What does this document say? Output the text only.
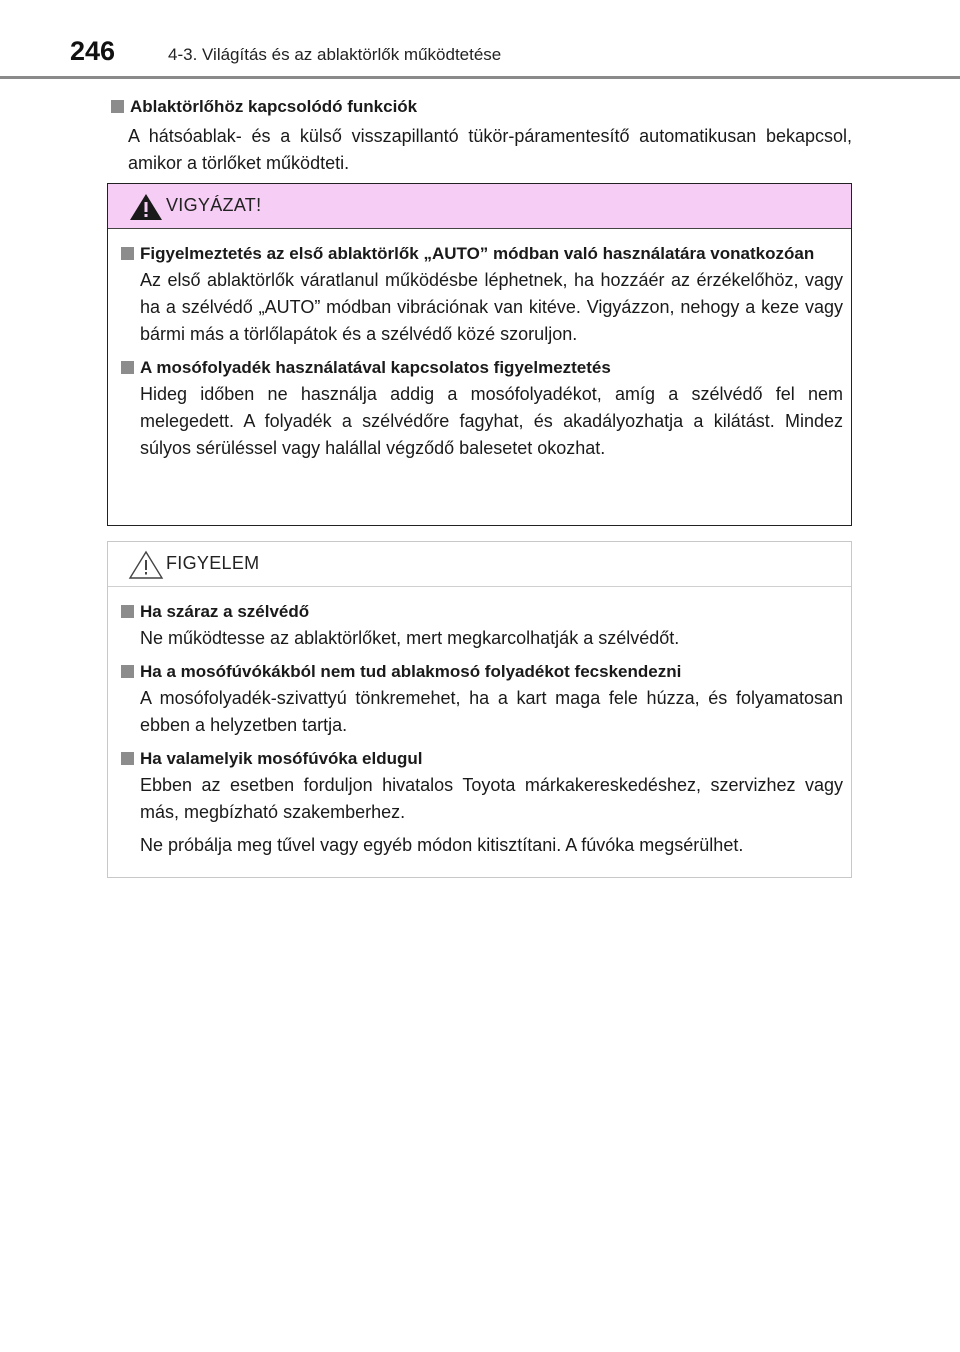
246	4-3. Világítás és az ablaktörlők működtetése
Ablaktörlőhöz kapcsolódó funkciók
A hátsóablak- és a külső visszapillantó tükör-páramentesítő automatikusan bekapcsol, amikor a törlőket működteti.
VIGYÁZAT!
Figyelmeztetés az első ablaktörlők „AUTO” módban való használatára vonatkozóan
Az első ablaktörlők váratlanul működésbe léphetnek, ha hozzáér az érzékelőhöz, vagy ha a szélvédő „AUTO” módban vibrációnak van kitéve. Vigyázzon, nehogy a keze vagy bármi más a törlőlapátok és a szélvédő közé szoruljon.
A mosófolyadék használatával kapcsolatos figyelmeztetés
Hideg időben ne használja addig a mosófolyadékot, amíg a szélvédő fel nem melegedett. A folyadék a szélvédőre fagyhat, és akadályozhatja a kilátást. Mindez súlyos sérüléssel vagy halállal végződő balesetet okozhat.
FIGYELEM
Ha száraz a szélvédő
Ne működtesse az ablaktörlőket, mert megkarcolhatják a szélvédőt.
Ha a mosófúvókákból nem tud ablakmosó folyadékot fecskendezni
A mosófolyadék-szivattyú tönkremehet, ha a kart maga fele húzza, és folyamatosan ebben a helyzetben tartja.
Ha valamelyik mosófúvóka eldugul
Ebben az esetben forduljon hivatalos Toyota márkakereskedéshez, szervizhez vagy más, megbízható szakemberhez.
Ne próbálja meg tűvel vagy egyéb módon kitisztítani. A fúvóka megsérülhet.
